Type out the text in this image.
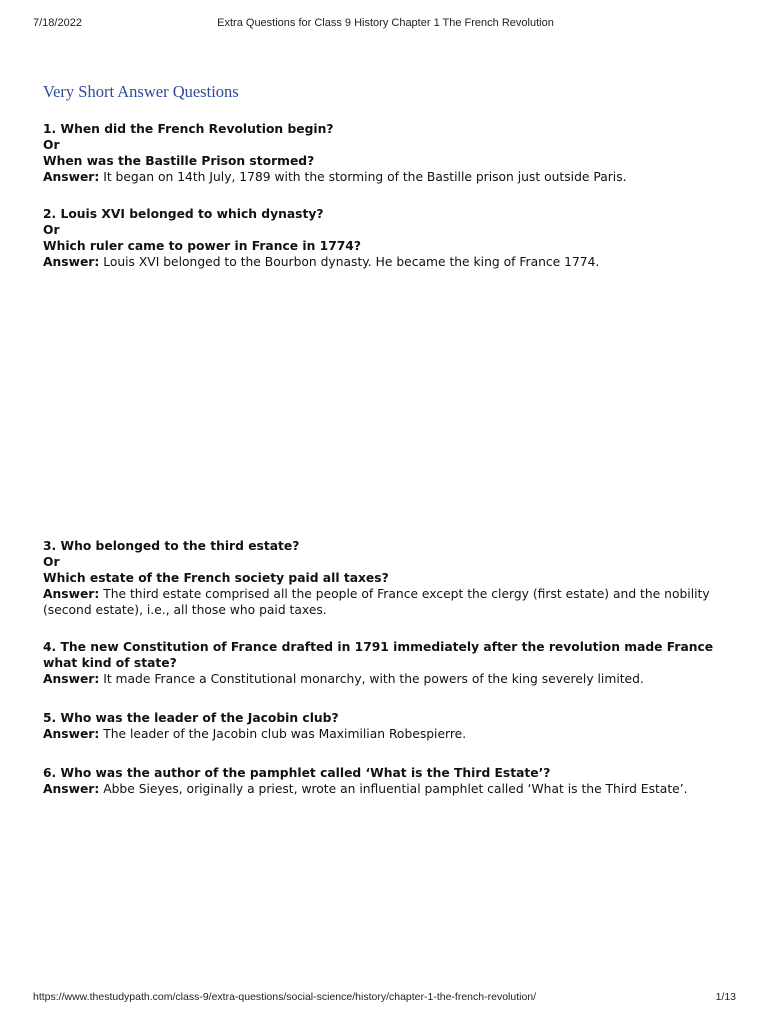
7/18/2022	Extra Questions for Class 9 History Chapter 1 The French Revolution
Very Short Answer Questions
1. When did the French Revolution begin?
Or
When was the Bastille Prison stormed?
Answer: It began on 14th July, 1789 with the storming of the Bastille prison just outside Paris.
2. Louis XVI belonged to which dynasty?
Or
Which ruler came to power in France in 1774?
Answer: Louis XVI belonged to the Bourbon dynasty. He became the king of France 1774.
3. Who belonged to the third estate?
Or
Which estate of the French society paid all taxes?
Answer: The third estate comprised all the people of France except the clergy (first estate) and the nobility (second estate), i.e., all those who paid taxes.
4. The new Constitution of France drafted in 1791 immediately after the revolution made France what kind of state?
Answer: It made France a Constitutional monarchy, with the powers of the king severely limited.
5. Who was the leader of the Jacobin club?
Answer: The leader of the Jacobin club was Maximilian Robespierre.
6. Who was the author of the pamphlet called ‘What is the Third Estate’?
Answer: Abbe Sieyes, originally a priest, wrote an influential pamphlet called ‘What is the Third Estate’.
https://www.thestudypath.com/class-9/extra-questions/social-science/history/chapter-1-the-french-revolution/	1/13
